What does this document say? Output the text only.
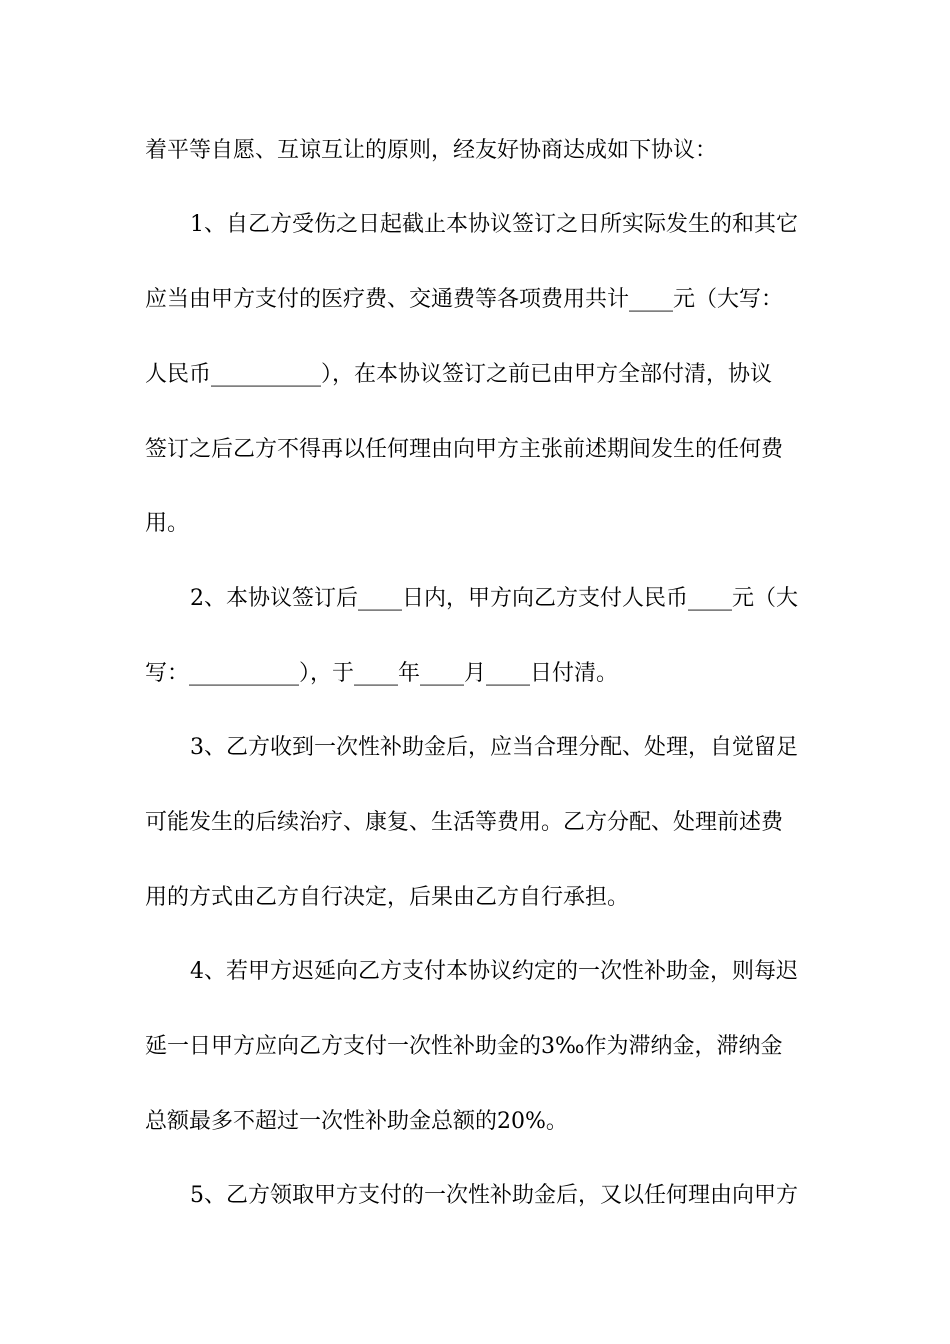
着平等自愿、互谅互让的原则，经友好协商达成如下协议：
1、自乙方受伤之日起截止本协议签订之日所实际发生的和其它
应当由甲方支付的医疗费、交通费等各项费用共计____元（大写：
人民币__________），在本协议签订之前已由甲方全部付清，协议
签订之后乙方不得再以任何理由向甲方主张前述期间发生的任何费
用。
2、本协议签订后____日内，甲方向乙方支付人民币____元（大
写：__________），于____年____月____日付清。
3、乙方收到一次性补助金后，应当合理分配、处理，自觉留足
可能发生的后续治疗、康复、生活等费用。乙方分配、处理前述费
用的方式由乙方自行决定，后果由乙方自行承担。
4、若甲方迟延向乙方支付本协议约定的一次性补助金，则每迟
延一日甲方应向乙方支付一次性补助金的3‰作为滞纳金，滞纳金
总额最多不超过一次性补助金总额的20%。
5、乙方领取甲方支付的一次性补助金后，又以任何理由向甲方
